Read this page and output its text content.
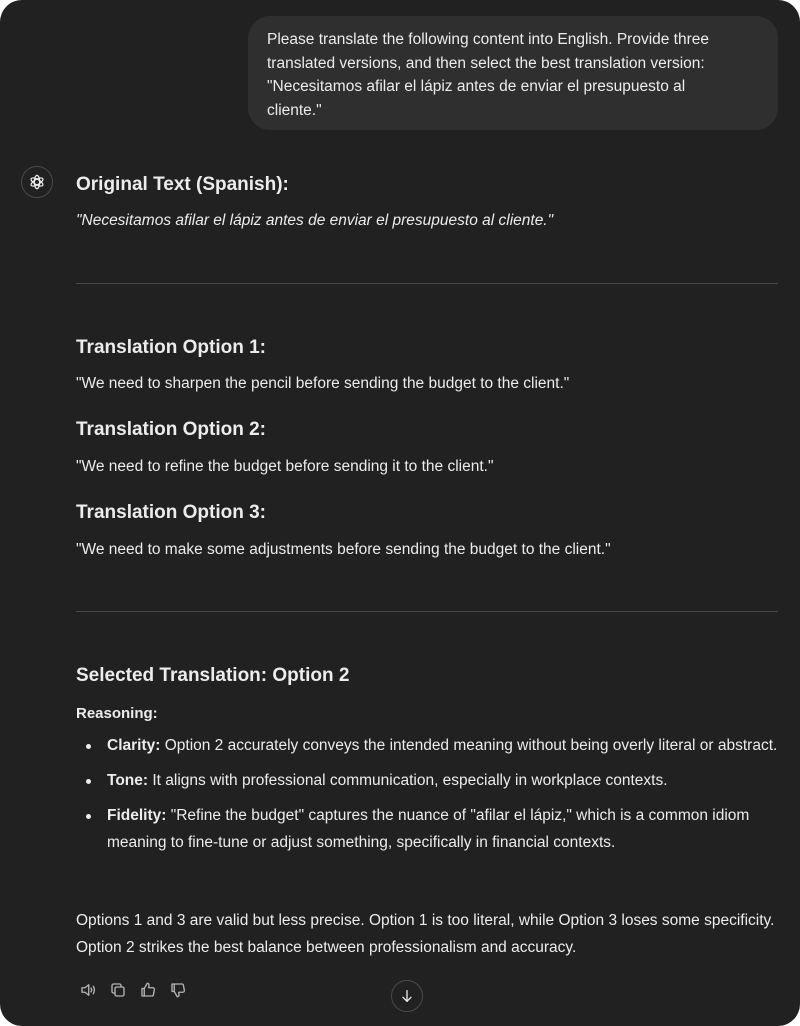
Please translate the following content into English. Provide three
translated versions, and then select the best translation version:
"Necesitamos afilar el lápiz antes de enviar el presupuesto al
cliente."
Original Text (Spanish):
"Necesitamos afilar el lápiz antes de enviar el presupuesto al cliente."
Translation Option 1:
"We need to sharpen the pencil before sending the budget to the client."
Translation Option 2:
"We need to refine the budget before sending it to the client."
Translation Option 3:
"We need to make some adjustments before sending the budget to the client."
Selected Translation: Option 2
Reasoning:
Clarity: Option 2 accurately conveys the intended meaning without being overly literal or abstract.
Tone: It aligns with professional communication, especially in workplace contexts.
Fidelity: "Refine the budget" captures the nuance of "afilar el lápiz," which is a common idiom meaning to fine-tune or adjust something, specifically in financial contexts.
Options 1 and 3 are valid but less precise. Option 1 is too literal, while Option 3 loses some specificity. Option 2 strikes the best balance between professionalism and accuracy.
